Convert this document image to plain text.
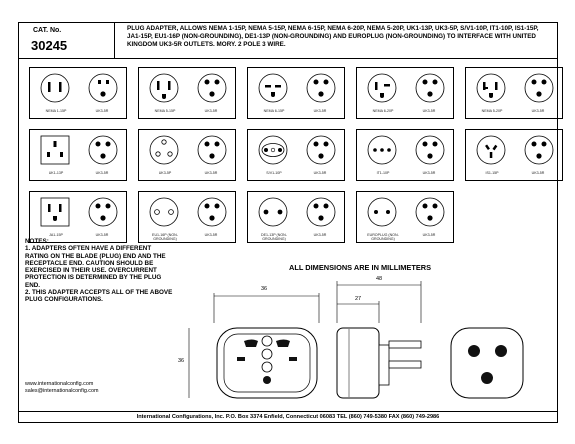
CAT. No.
30245
PLUG ADAPTER, ALLOWS NEMA 1-15P, NEMA 5-15P, NEMA 6-15P, NEMA 6-20P, NEMA 5-20P, UK1-13P, UK3-5P, S/V1-10P, IT1-10P, IS1-15P, JA1-15P, EU1-16P (NON-GROUNDING), DE1-13P (NON-GROUNDING) AND EUROPLUG (NON-GROUNDING) TO INTERFACE WITH UNITED KINGDOM UK3-5R OUTLETS. MORY. 2 POLE 3 WIRE.
NEMA 1-15P	UK3-5R	NEMA 5-15P	UK3-5R	NEMA 6-15P	UK3-5R	NEMA 6-20P	UK3-5R	NEMA 5-20P	UK3-5R
UK1-13P	UK3-5R	UK3-5P	UK3-5R	S/V1-10P	UK3-5R	IT1-10P	UK3-5R	IS1-15P	UK3-5R
JA1-15P	UK3-5R	EU1-16P (NON-GROUNDING)
UK3-5R	DE1-13P (NON-GROUNDING)
UK3-5R	EUROPLUG (NON-GROUNDING)
UK3-5R
NOTES:
1. ADAPTERS OFTEN HAVE A DIFFERENT RATING ON THE BLADE (PLUG) END AND THE RECEPTACLE END. CAUTION SHOULD BE EXERCISED IN THEIR USE. OVERCURRENT PROTECTION IS DETERMINED BY THE PLUG END.
2. THIS ADAPTER ACCEPTS ALL OF THE ABOVE PLUG CONFIGURATIONS.
ALL DIMENSIONS ARE IN MILLIMETERS
36
36
48
27
www.internationalconfig.com
sales@internationalconfig.com
International Configurations, Inc. P.O. Box 3374 Enfield, Connecticut 06083 TEL (860) 749-5380 FAX (860) 749-2986
